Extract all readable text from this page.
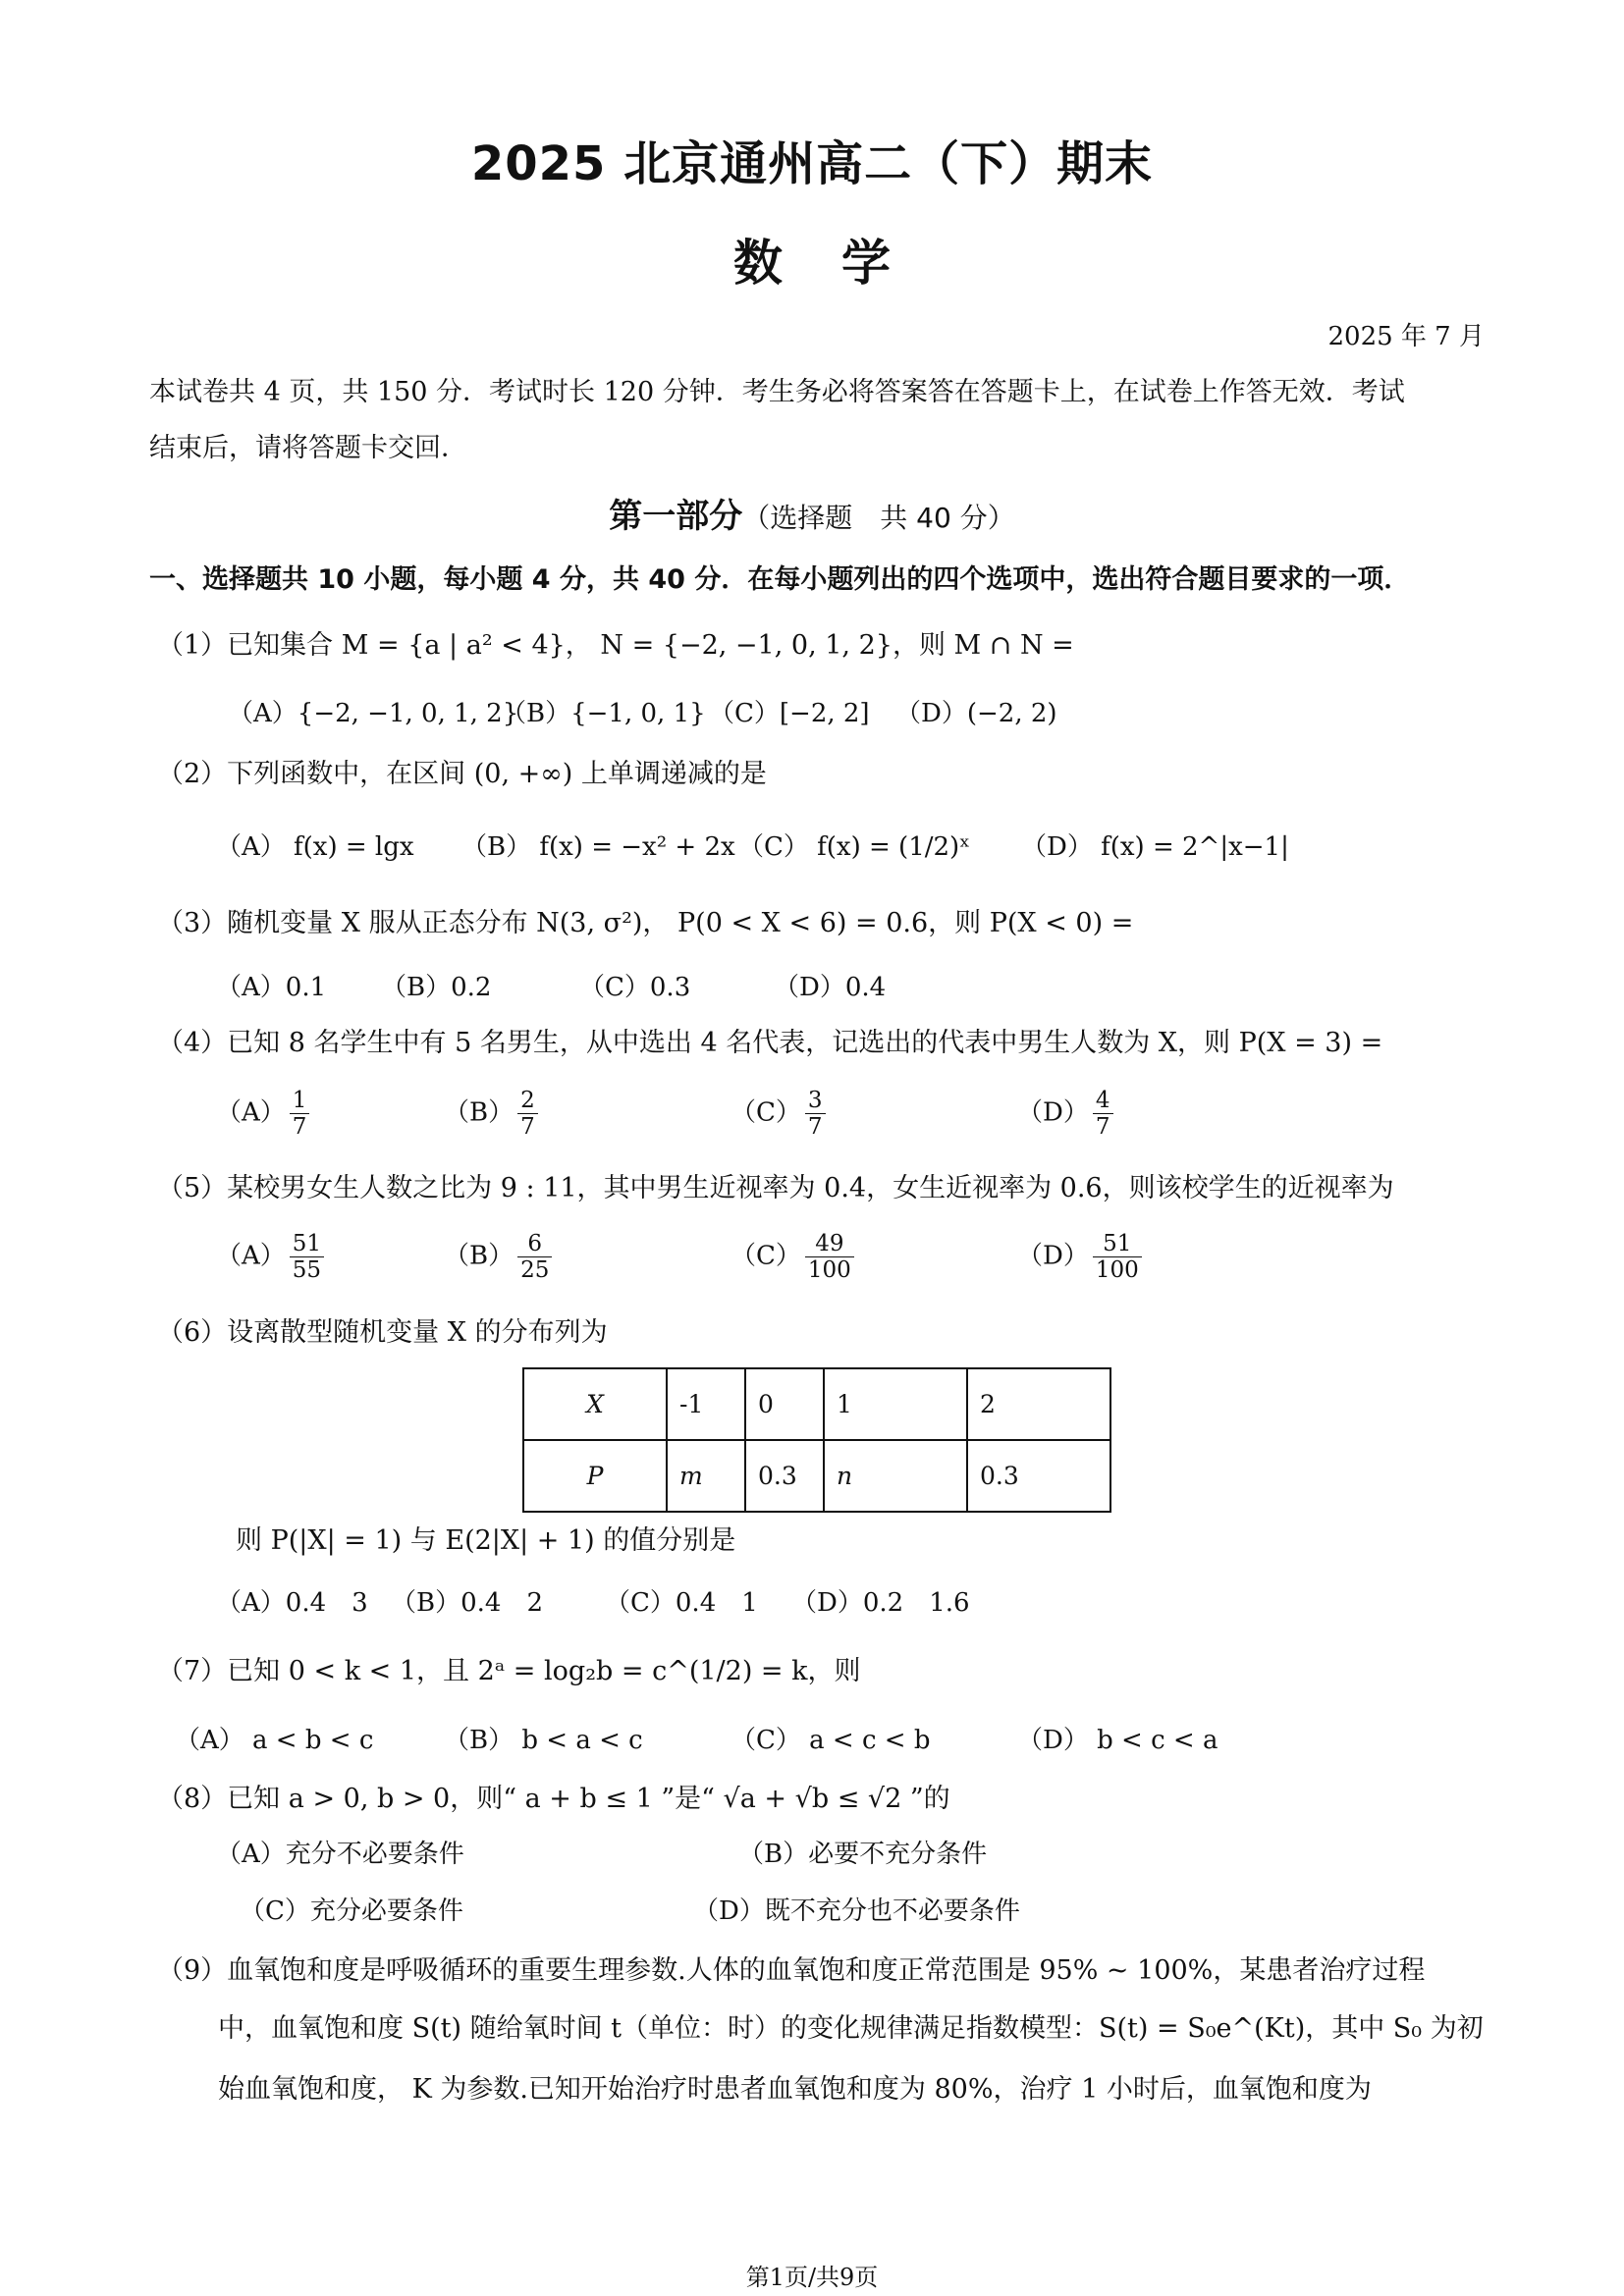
2025 北京通州高二（下）期末
数学
2025 年 7 月
本试卷共 4 页，共 150 分．考试时长 120 分钟．考生务必将答案答在答题卡上，在试卷上作答无效．考试
结束后，请将答题卡交回．
第一部分（选择题　共 40 分）
一、选择题共 10 小题，每小题 4 分，共 40 分．在每小题列出的四个选项中，选出符合题目要求的一项．
（1）已知集合 M = {a | a² < 4}， N = {−2, −1, 0, 1, 2}，则 M ∩ N =
（A）{−2, −1, 0, 1, 2}
（B）{−1, 0, 1} （C）[−2, 2] （D）(−2, 2)
（2）下列函数中，在区间 (0, +∞) 上单调递减的是
（A） f(x) = lgx （B） f(x) = −x² + 2x （C） f(x) = (1/2)ˣ （D） f(x) = 2^|x−1|
（3）随机变量 X 服从正态分布 N(3, σ²)， P(0 < X < 6) = 0.6，则 P(X < 0) =
（A）0.1 （B）0.2	（C）0.3	（D）0.4
（4）已知 8 名学生中有 5 名男生，从中选出 4 名代表，记选出的代表中男生人数为 X，则 P(X = 3) =
$(A) \frac{1}{7}$	$(B) \frac{2}{7}$	$(C) \frac{3}{7}$	$(D) \frac{4}{7}$
（5）某校男女生人数之比为 9 : 11，其中男生近视率为 0.4，女生近视率为 0.6，则该校学生的近视率为
$(A) \frac{51}{55}$	$(B) \frac{6}{25}$	$(C) \frac{49}{100}$	$(D) \frac{51}{100}$
（6）设离散型随机变量 X 的分布列为
X	-1	0	1	2
P	m	0.3	n	0.3
则 P(|X| = 1) 与 E(2|X| + 1) 的值分别是
（A）0.4　3 （B）0.4　2 （C）0.4　1 （D）0.2　1.6
（7）已知 0 < k < 1，且 2ᵃ = log₂b = c^(1/2) = k，则
（A） a < b < c	（B） b < a < c	（C） a < c < b	（D） b < c < a
（8）已知 a > 0, b > 0，则“ a + b ≤ 1 ”是“ √a + √b ≤ √2 ”的
（A）充分不必要条件	（B）必要不充分条件
（C）充分必要条件	（D）既不充分也不必要条件
（9）血氧饱和度是呼吸循环的重要生理参数.人体的血氧饱和度正常范围是 95% ~ 100%，某患者治疗过程
中，血氧饱和度 S(t) 随给氧时间 t（单位：时）的变化规律满足指数模型：S(t) = S₀e^(Kt)，其中 S₀ 为初
始血氧饱和度， K 为参数.已知开始治疗时患者血氧饱和度为 80%，治疗 1 小时后，血氧饱和度为
第1页/共9页
